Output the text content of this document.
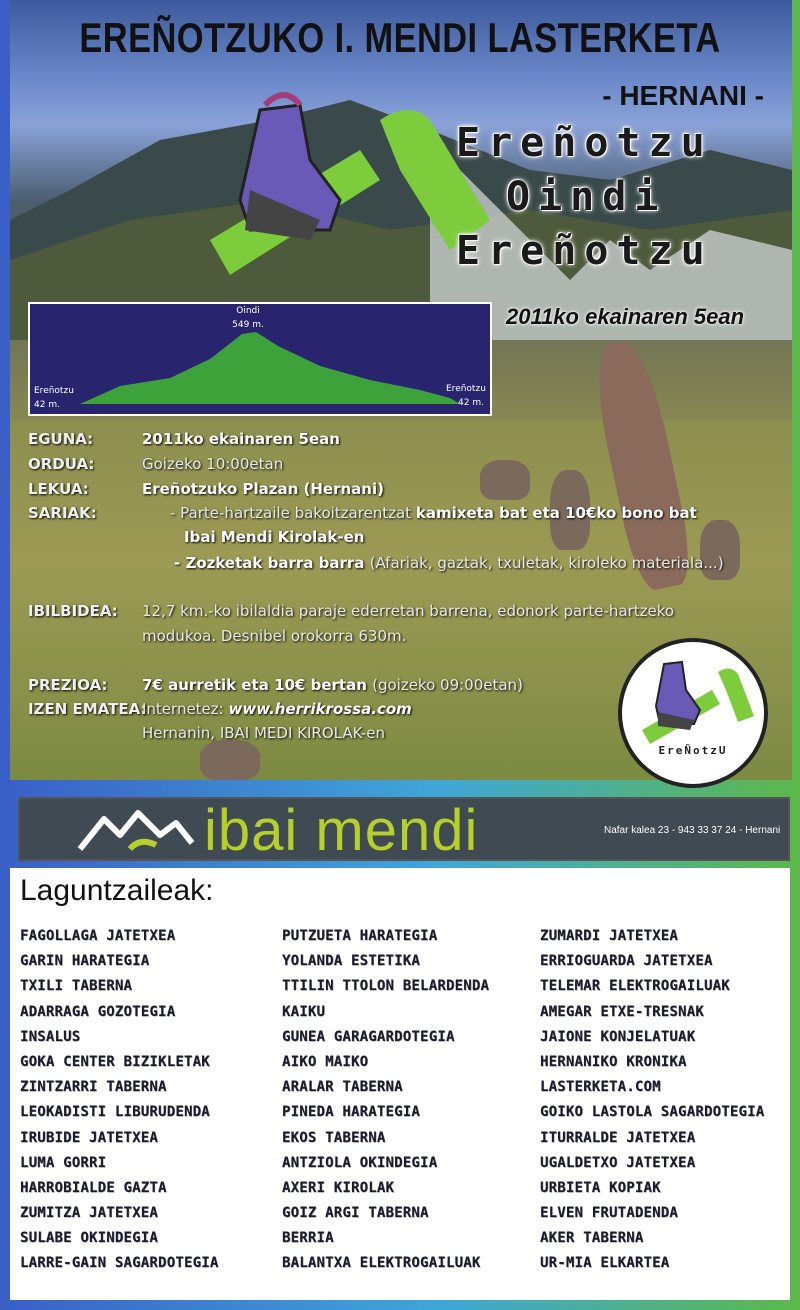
EREÑOTZUKO I. MENDI LASTERKETA
- HERNANI -
Ereñotzu
Oindi
Ereñotzu
2011ko ekainaren 5ean
Oindi
549 m.
Ereñotzu
42 m.
Ereñotzu
42 m.
EGUNA:	2011ko ekainaren 5ean
ORDUA:	Goizeko 10:00etan
LEKUA:	Ereñotzuko Plazan (Hernani)
SARIAK:	- Parte-hartzaile bakoitzarentzat kamixeta bat eta 10€ko bono bat
Ibai Mendi Kirolak-en
- Zozketak barra barra (Afariak, gaztak, txuletak, kiroleko materiala...)
IBILBIDEA:	12,7 km.-ko ibilaldia paraje ederretan barrena, edonork parte-hartzeko
modukoa. Desnibel orokorra 630m.
PREZIOA:	7€ aurretik eta 10€ bertan (goizeko 09:00etan)
IZEN EMATEA:
Internetez: www.herrikrossa.com
Hernanin, IBAI MEDI KIROLAK-en
EreÑotzU
ibai mendi	Nafar kalea 23 - 943 33 37 24 - Hernani
Laguntzaileak:
FAGOLLAGA JATETXEA
GARIN HARATEGIA
TXILI TABERNA
ADARRAGA GOZOTEGIA
INSALUS
GOKA CENTER BIZIKLETAK
ZINTZARRI TABERNA
LEOKADISTI LIBURUDENDA
IRUBIDE JATETXEA
LUMA GORRI
HARROBIALDE GAZTA
ZUMITZA JATETXEA
SULABE OKINDEGIA
LARRE-GAIN SAGARDOTEGIA
PUTZUETA HARATEGIA
YOLANDA ESTETIKA
TTILIN TTOLON BELARDENDA
KAIKU
GUNEA GARAGARDOTEGIA
AIKO MAIKO
ARALAR TABERNA
PINEDA HARATEGIA
EKOS TABERNA
ANTZIOLA OKINDEGIA
AXERI KIROLAK
GOIZ ARGI TABERNA
BERRIA
BALANTXA ELEKTROGAILUAK
ZUMARDI JATETXEA
ERRIOGUARDA JATETXEA
TELEMAR ELEKTROGAILUAK
AMEGAR ETXE-TRESNAK
JAIONE KONJELATUAK
HERNANIKO KRONIKA
LASTERKETA.COM
GOIKO LASTOLA SAGARDOTEGIA
ITURRALDE JATETXEA
UGALDETXO JATETXEA
URBIETA KOPIAK
ELVEN FRUTADENDA
AKER TABERNA
UR-MIA ELKARTEA
